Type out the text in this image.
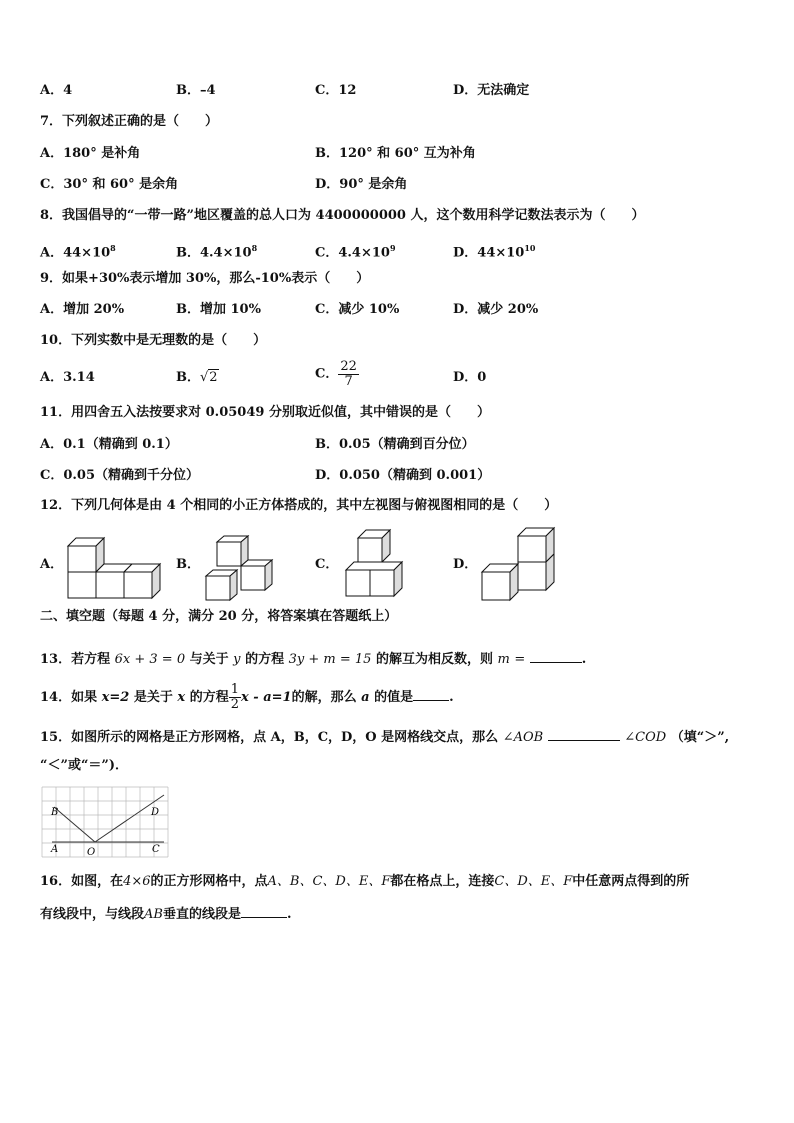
A．4	B．–4	C．12	D．无法确定
7．下列叙述正确的是（　　）
A．180° 是补角	B．120° 和 60° 互为补角
C．30° 和 60° 是余角	D．90° 是余角
8．我国倡导的“一带一路”地区覆盖的总人口为 4400000000 人，这个数用科学记数法表示为（　　）
A．$44\times 10^8$	B．$4.4\times 10^8$	C．$4.4\times 10^9$	D．$44\times 10^{10}$
9．如果+30%表示增加 30%，那么-10%表示（　　）
A．增加 20%	B．增加 10%	C．减少 10%	D．减少 20%
10．下列实数中是无理数的是（　　）
A．3.14	B．√2	C． $\frac{22}{7}$	D．0
11．用四舍五入法按要求对 0.05049 分别取近似值，其中错误的是（　　）
A．0.1（精确到 0.1）	B．0.05（精确到百分位）
C．0.05（精确到千分位）	D．0.050（精确到 0.001）
12．下列几何体是由 4 个相同的小正方体搭成的，其中左视图与俯视图相同的是（　　）
A．	B．	C．	D．
二、填空题（每题 4 分，满分 20 分，将答案填在答题纸上）
13．若方程 6x + 3 = 0 与关于 y 的方程 3y + m = 15 的解互为相反数，则 m =	.
14．如果 x=2 是关于 x 的方程 $\frac{1}{2}$ x - a=1的解，那么 a 的值是	.
15．如图所示的网格是正方形网格，点 A，B，C，D，O 是网格线交点，那么 ∠AOB	∠COD （填“＞”,
“＜”或“＝”)．
B	D
A	O	C
16．如图，在4×6的正方形网格中，点A、B、C、D、E、F都在格点上，连接C、D、E、F中任意两点得到的所
有线段中，与线段AB垂直的线段是	.
